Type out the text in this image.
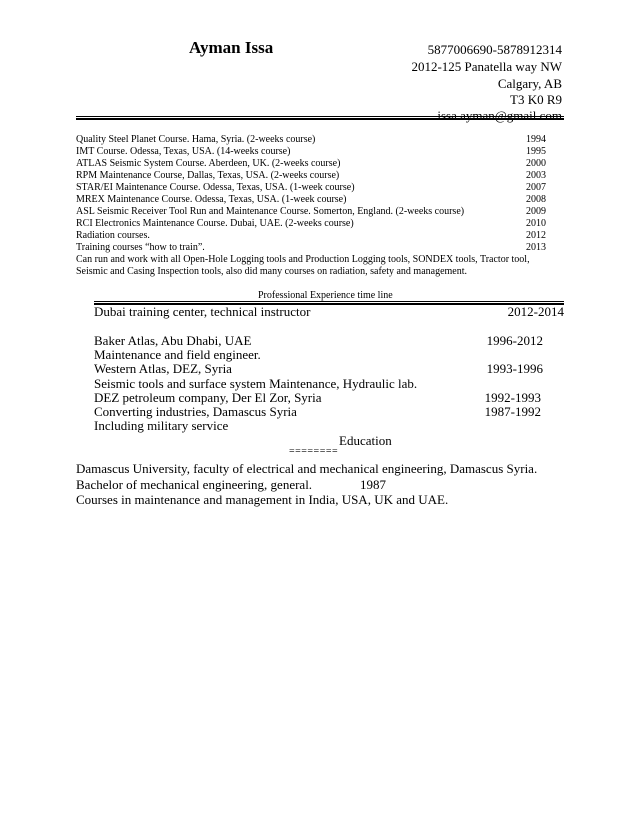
Ayman Issa	5877006690-5878912314
2012-125 Panatella way NW
Calgary, AB
T3 K0 R9
issa.ayman@gmail.com
Quality Steel Planet Course. Hama, Syria. (2-weeks course)	1994
IMT Course. Odessa, Texas, USA. (14-weeks course)	1995
ATLAS Seismic System Course. Aberdeen, UK. (2-weeks course)	2000
RPM Maintenance Course, Dallas, Texas, USA. (2-weeks course)	2003
STAR/EI Maintenance Course. Odessa, Texas, USA. (1-week course)	2007
MREX Maintenance Course. Odessa, Texas, USA. (1-week course)	2008
ASL Seismic Receiver Tool Run and Maintenance Course. Somerton, England. (2-weeks course)	2009
RCI Electronics Maintenance Course. Dubai, UAE. (2-weeks course)	2010
Radiation courses.	2012
Training courses “how to train”.	2013
Can run and work with all Open-Hole Logging tools and Production Logging tools, SONDEX tools, Tractor tool,
Seismic and Casing Inspection tools, also did many courses on radiation, safety and management.
Professional Experience time line
Dubai training center, technical instructor	2012-2014
Baker Atlas, Abu Dhabi, UAE	1996-2012
Maintenance and field engineer.
Western Atlas, DEZ, Syria	1993-1996
Seismic tools and surface system Maintenance, Hydraulic lab.
DEZ petroleum company, Der El Zor, Syria	1992-1993
Converting industries, Damascus Syria	1987-1992
Including military service
Education
========
Damascus University, faculty of electrical and mechanical engineering, Damascus Syria.
Bachelor of mechanical engineering, general.	1987
Courses in maintenance and management in India, USA, UK and UAE.
